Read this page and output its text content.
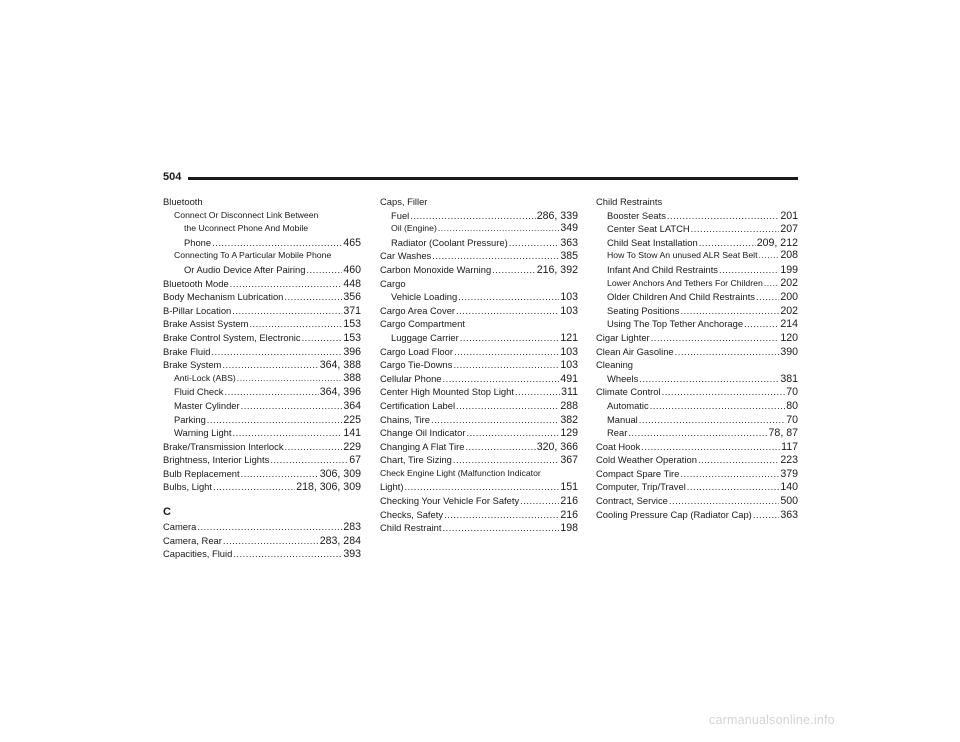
504
Bluetooth
Connect Or Disconnect Link Between
the Uconnect Phone And Mobile
Phone .....	465
Connecting To A Particular Mobile Phone
Or Audio Device After Pairing .....	460
Bluetooth Mode .....	448
Body Mechanism Lubrication .....	356
B-Pillar Location .....	371
Brake Assist System .....	153
Brake Control System, Electronic .....	153
Brake Fluid .....	396
Brake System .....	364, 388
Anti-Lock (ABS) .....	388
Fluid Check .....	364, 396
Master Cylinder .....	364
Parking .....	225
Warning Light .....	141
Brake/Transmission Interlock .....	229
Brightness, Interior Lights .....	67
Bulb Replacement .....	306, 309
Bulbs, Light .....	218, 306, 309
C
Camera .....	283
Camera, Rear .....	283, 284
Capacities, Fluid .....	393
Caps, Filler
Fuel .....	286, 339
Oil (Engine) .....	349
Radiator (Coolant Pressure) .....	363
Car Washes .....	385
Carbon Monoxide Warning .....	216, 392
Cargo
Vehicle Loading .....	103
Cargo Area Cover .....	103
Cargo Compartment
Luggage Carrier .....	121
Cargo Load Floor .....	103
Cargo Tie-Downs .....	103
Cellular Phone .....	491
Center High Mounted Stop Light .....	311
Certification Label .....	288
Chains, Tire .....	382
Change Oil Indicator .....	129
Changing A Flat Tire .....	320, 366
Chart, Tire Sizing .....	367
Check Engine Light (Malfunction Indicator
Light) .....	151
Checking Your Vehicle For Safety .....	216
Checks, Safety .....	216
Child Restraint .....	198
Child Restraints
Booster Seats .....	201
Center Seat LATCH .....	207
Child Seat Installation .....	209, 212
How To Stow An unused ALR Seat Belt ..... 208
Infant And Child Restraints .....	199
Lower Anchors And Tethers For Children ..... 202
Older Children And Child Restraints ..... 200
Seating Positions .....	202
Using The Top Tether Anchorage .....	214
Cigar Lighter .....	120
Clean Air Gasoline .....	390
Cleaning
Wheels .....	381
Climate Control .....	70
Automatic .....	80
Manual .....	70
Rear .....	78, 87
Coat Hook .....	117
Cold Weather Operation .....	223
Compact Spare Tire .....	379
Computer, Trip/Travel .....	140
Contract, Service .....	500
Cooling Pressure Cap (Radiator Cap) .....	363
carmanualsonline.info
